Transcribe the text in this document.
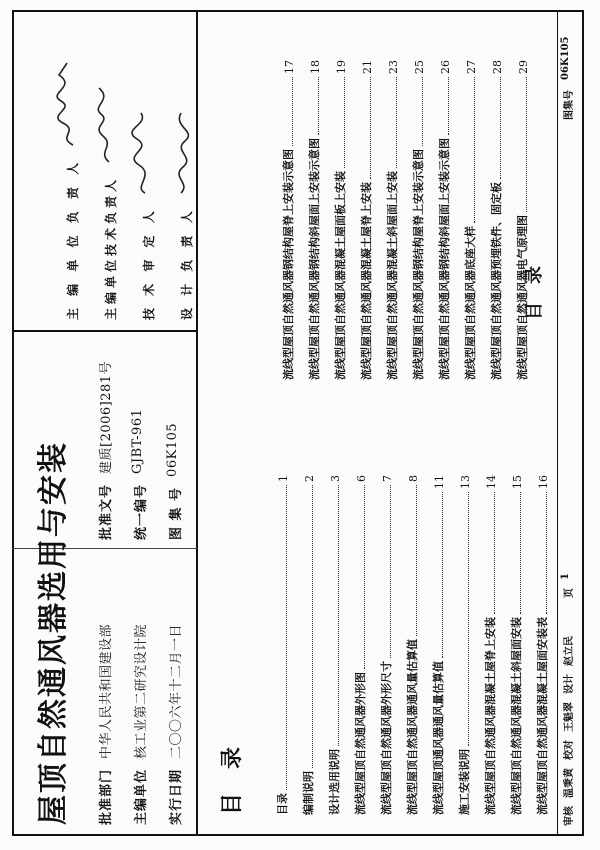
屋顶自然通风器选用与安装	批准部门
中华人民共和国建设部
主编单位
核工业第二研究设计院
实行日期
二〇〇六年十二月一日
批准文号
建质[2006]281号
统一编号
GJBT-961
图 集 号
06K105
主 编 单 位 负 责 人 主编单位技术负责人 技 术 审 定 人 设 计 负 责 人
目录	目录
1
编制说明
2
设计选用说明
3
流线型屋顶自然通风器外形图
6
流线型屋顶自然通风器外形尺寸
7
流线型屋顶自然通风器通风量估算值
8
流线型屋顶通风器通风量估算值
11
施工安装说明
13
流线型屋顶自然通风器混凝土屋脊上安装
14
流线型屋顶自然通风器混凝土斜屋面安装
15
流线型屋顶自然通风器混凝土屋面安装表
16
流线型屋顶自然通风器钢结构屋脊上安装示意图
17
流线型屋顶自然通风器钢结构斜屋面上安装示意图
18
流线型屋顶自然通风器混凝土屋面板上安装
19
流线型屋顶自然通风器混凝土屋脊上安装
21
流线型屋顶自然通风器混凝土斜屋面上安装
23
流线型屋顶自然通风器钢结构屋脊上安装示意图
25
流线型屋顶自然通风器钢结构斜屋面上安装示意图
26
流线型屋顶自然通风器底座大样
27
流线型屋顶自然通风器预埋铁件、固定板
28
流线型屋顶自然通风器电气原理图
29
目录
审核
温秉黄
校对
王魁翠
设计
赵立民
页
1
图集号
06K105
